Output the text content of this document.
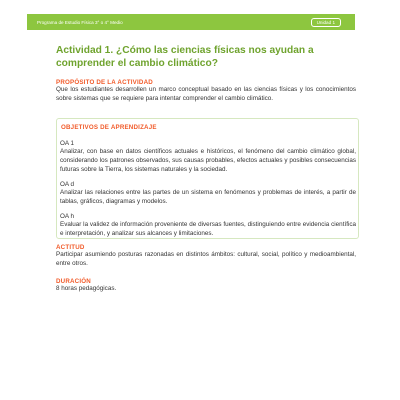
Programa de Estudio Física 3° o 4° Medio	Unidad 1
Actividad 1. ¿Cómo las ciencias físicas nos ayudan a comprender el cambio climático?
PROPÓSITO DE LA ACTIVIDAD

Que los estudiantes desarrollen un marco conceptual basado en las ciencias físicas y los conocimientos sobre sistemas que se requiere para intentar comprender el cambio climático.

OBJETIVOS DE APRENDIZAJE

OA 1

Analizar, con base en datos científicos actuales e históricos, el fenómeno del cambio climático global, considerando los patrones observados, sus causas probables, efectos actuales y posibles consecuencias futuras sobre la Tierra, los sistemas naturales y la sociedad.

OA d

Analizar las relaciones entre las partes de un sistema en fenómenos y problemas de interés, a partir de tablas, gráficos, diagramas y modelos.

OA h

Evaluar la validez de información proveniente de diversas fuentes, distinguiendo entre evidencia científica e interpretación, y analizar sus alcances y limitaciones.

ACTITUD

Participar asumiendo posturas razonadas en distintos ámbitos: cultural, social, político y medioambiental, entre otros.

DURACIÓN

8 horas pedagógicas.
